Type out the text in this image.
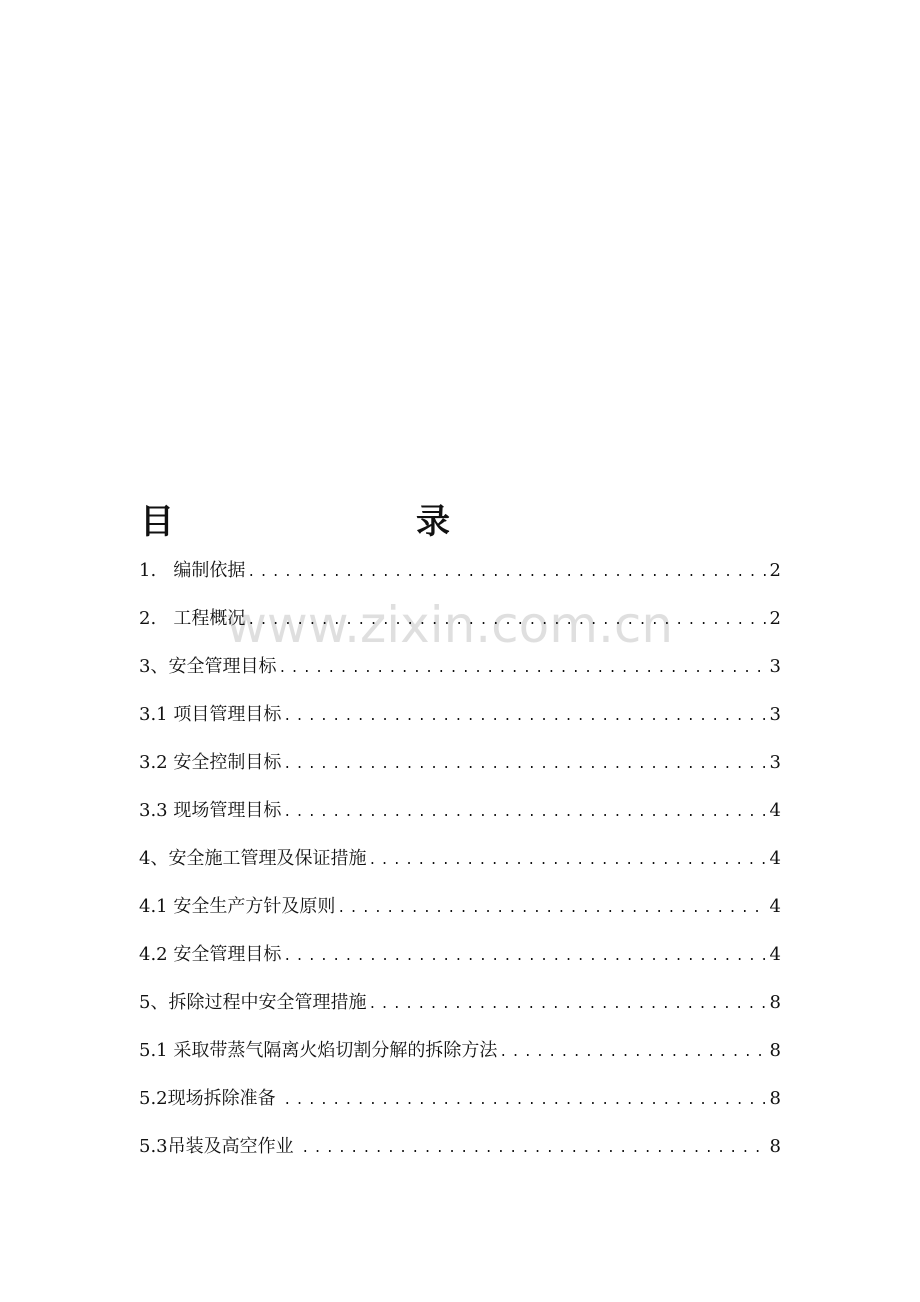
目　　录
1.   编制依据 .....	2
2.   工程概况 .....	2
3、安全管理目标 .....	3
3.1 项目管理目标 .....	3
3.2 安全控制目标 .....	3
3.3 现场管理目标 .....	4
4、安全施工管理及保证措施 .....	4
4.1 安全生产方针及原则 .....	4
4.2 安全管理目标 .....	4
5、拆除过程中安全管理措施 .....	8
5.1 采取带蒸气隔离火焰切割分解的拆除方法 .....	8
5.2现场拆除准备 .....	8
5.3吊装及高空作业 .....	8
www.zixin.com.cn
